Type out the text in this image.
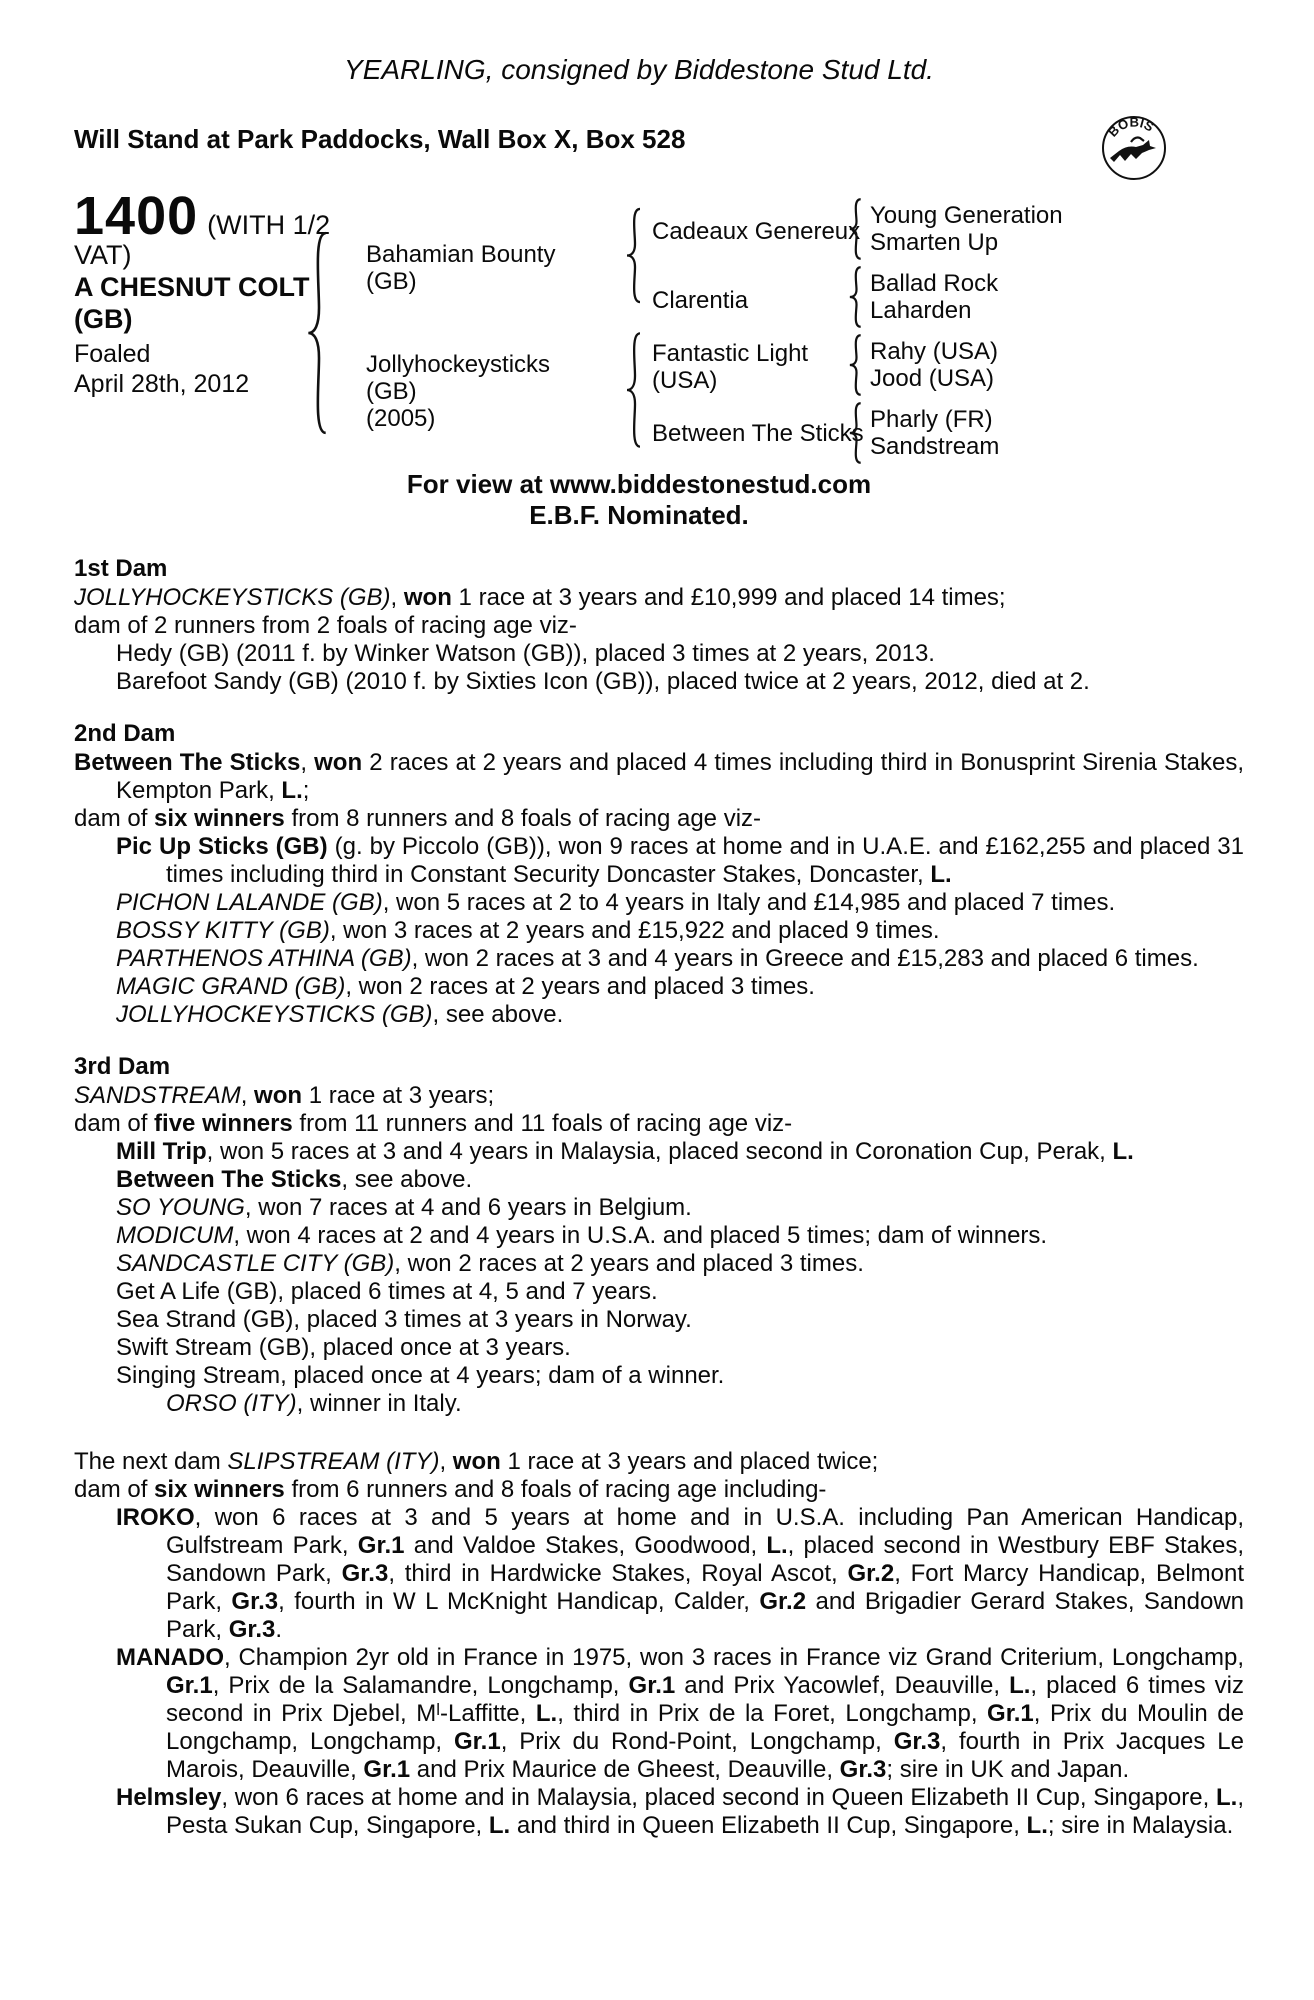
YEARLING, consigned by Biddestone Stud Ltd.
Will Stand at Park Paddocks, Wall Box X, Box 528	BOBIS
1400 (WITH 1/2
VAT)
A CHESNUT COLT
(GB)
Foaled
April 28th, 2012
Bahamian Bounty
(GB)
Jollyhockeysticks
(GB)
(2005)
Cadeaux Genereux
Clarentia
Fantastic Light
(USA)
Between The Sticks
Young Generation
Smarten Up
Ballad Rock
Laharden
Rahy (USA)
Jood (USA)
Pharly (FR)
Sandstream
For view at www.biddestonestud.com
E.B.F. Nominated.
1st Dam

JOLLYHOCKEYSTICKS (GB), won 1 race at 3 years and £10,999 and placed 14 times;

dam of 2 runners from 2 foals of racing age viz-

Hedy (GB) (2011 f. by Winker Watson (GB)), placed 3 times at 2 years, 2013.

Barefoot Sandy (GB) (2010 f. by Sixties Icon (GB)), placed twice at 2 years, 2012, died at 2.

2nd Dam

Between The Sticks, won 2 races at 2 years and placed 4 times including third in Bonusprint Sirenia Stakes, Kempton Park, L.;

dam of six winners from 8 runners and 8 foals of racing age viz-

Pic Up Sticks (GB) (g. by Piccolo (GB)), won 9 races at home and in U.A.E. and £162,255 and placed 31 times including third in Constant Security Doncaster Stakes, Doncaster, L.

PICHON LALANDE (GB), won 5 races at 2 to 4 years in Italy and £14,985 and placed 7 times.

BOSSY KITTY (GB), won 3 races at 2 years and £15,922 and placed 9 times.

PARTHENOS ATHINA (GB), won 2 races at 3 and 4 years in Greece and £15,283 and placed 6 times.

MAGIC GRAND (GB), won 2 races at 2 years and placed 3 times.

JOLLYHOCKEYSTICKS (GB), see above.

3rd Dam

SANDSTREAM, won 1 race at 3 years;

dam of five winners from 11 runners and 11 foals of racing age viz-

Mill Trip, won 5 races at 3 and 4 years in Malaysia, placed second in Coronation Cup, Perak, L.

Between The Sticks, see above.

SO YOUNG, won 7 races at 4 and 6 years in Belgium.

MODICUM, won 4 races at 2 and 4 years in U.S.A. and placed 5 times; dam of winners.

SANDCASTLE CITY (GB), won 2 races at 2 years and placed 3 times.

Get A Life (GB), placed 6 times at 4, 5 and 7 years.

Sea Strand (GB), placed 3 times at 3 years in Norway.

Swift Stream (GB), placed once at 3 years.

Singing Stream, placed once at 4 years; dam of a winner.

ORSO (ITY), winner in Italy.

The next dam SLIPSTREAM (ITY), won 1 race at 3 years and placed twice;

dam of six winners from 6 runners and 8 foals of racing age including-

IROKO, won 6 races at 3 and 5 years at home and in U.S.A. including Pan American Handicap, Gulfstream Park, Gr.1 and Valdoe Stakes, Goodwood, L., placed second in Westbury EBF Stakes, Sandown Park, Gr.3, third in Hardwicke Stakes, Royal Ascot, Gr.2, Fort Marcy Handicap, Belmont Park, Gr.3, fourth in W L McKnight Handicap, Calder, Gr.2 and Brigadier Gerard Stakes, Sandown Park, Gr.3.

MANADO, Champion 2yr old in France in 1975, won 3 races in France viz Grand Criterium, Longchamp, Gr.1, Prix de la Salamandre, Longchamp, Gr.1 and Prix Yacowlef, Deauville, L., placed 6 times viz second in Prix Djebel, Mˡ-Laffitte, L., third in Prix de la Foret, Longchamp, Gr.1, Prix du Moulin de Longchamp, Longchamp, Gr.1, Prix du Rond-Point, Longchamp, Gr.3, fourth in Prix Jacques Le Marois, Deauville, Gr.1 and Prix Maurice de Gheest, Deauville, Gr.3; sire in UK and Japan.

Helmsley, won 6 races at home and in Malaysia, placed second in Queen Elizabeth II Cup, Singapore, L., Pesta Sukan Cup, Singapore, L. and third in Queen Elizabeth II Cup, Singapore, L.; sire in Malaysia.
